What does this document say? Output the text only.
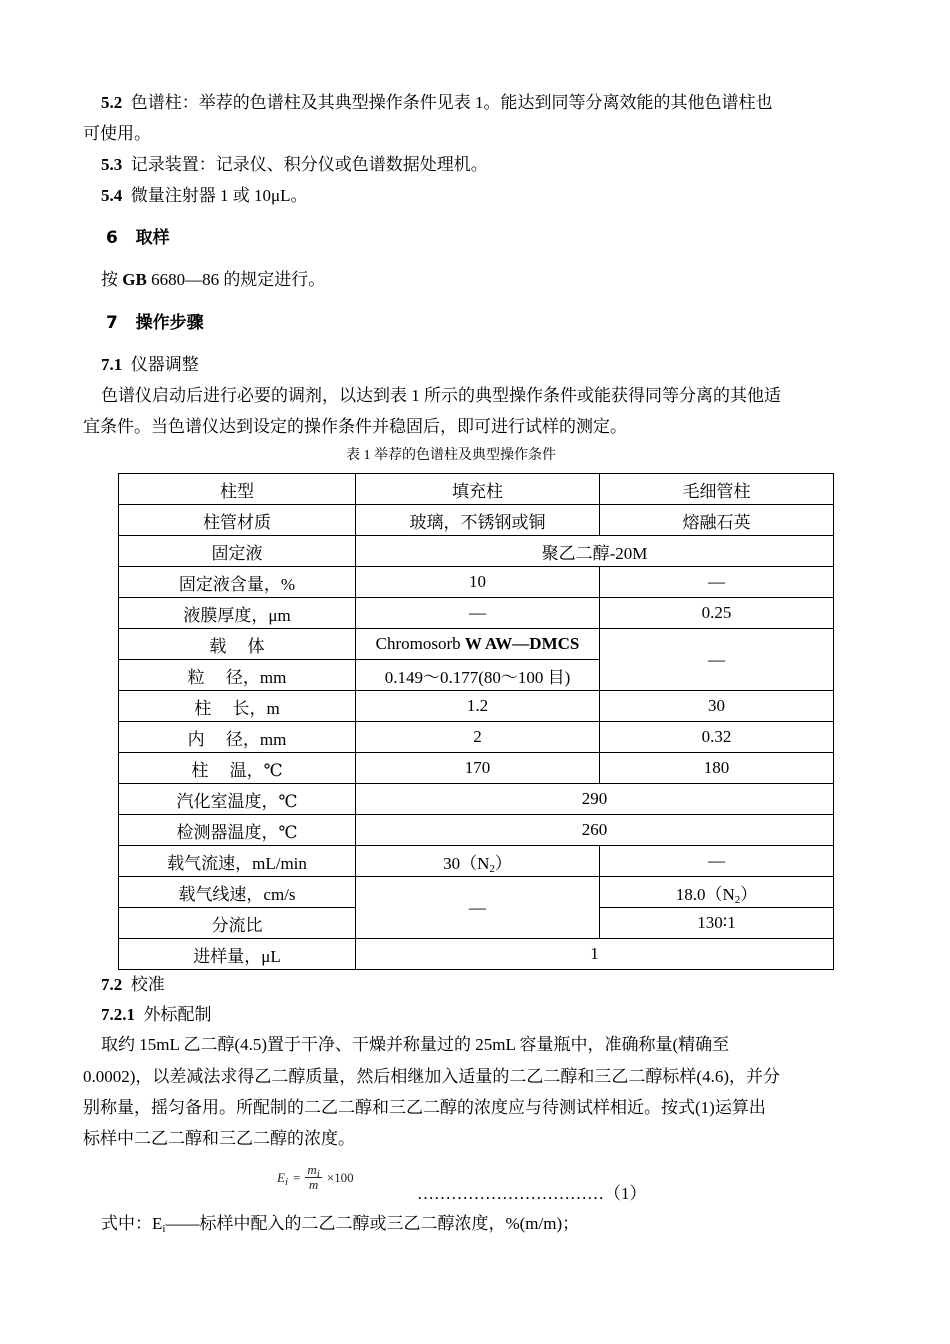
5.2 色谱柱：举荐的色谱柱及其典型操作条件见表 1。能达到同等分离效能的其他色谱柱也
可使用。
5.3 记录装置：记录仪、积分仪或色谱数据处理机。
5.4 微量注射器 1 或 10μL。
6 取样
按 GB 6680—86 的规定进行。
7 操作步骤
7.1 仪器调整
色谱仪启动后进行必要的调剂，以达到表 1 所示的典型操作条件或能获得同等分离的其他适
宜条件。当色谱仪达到设定的操作条件并稳固后，即可进行试样的测定。
表 1 举荐的色谱柱及典型操作条件
柱型	填充柱	毛细管柱
柱管材质	玻璃，不锈钢或铜	熔融石英
固定液	聚乙二醇-20M	
固定液含量，%	10	—
液膜厚度，μm	—	0.25
载　 体	Chromosorb W AW—DMCS	—
粒　 径，mm	0.149～0.177(80～100 目)	
柱　 长，m	1.2	30
内　 径，mm	2	0.32
柱　 温，℃	170	180
汽化室温度，℃	290	
检测器温度，℃	260	
载气流速，mL/min	$30(N_2)$	—
载气线速，cm/s	—	$18.0(N_2)$
分流比		130∶1
进样量，μL	1	
7.2 校准
7.2.1 外标配制
取约 15mL 乙二醇(4.5)置于干净、干燥并称量过的 25mL 容量瓶中，准确称量(精确至
0.0002)，以差减法求得乙二醇质量，然后相继加入适量的二乙二醇和三乙二醇标样(4.6)，并分
别称量，摇匀备用。所配制的二乙二醇和三乙二醇的浓度应与待测试样相近。按式(1)运算出
标样中二乙二醇和三乙二醇的浓度。
$E_i = \frac{m_i}{m} \times 100$
……………………………（1）
式中：$E_i——$标样中配入的二乙二醇或三乙二醇浓度，%(m/m)；
